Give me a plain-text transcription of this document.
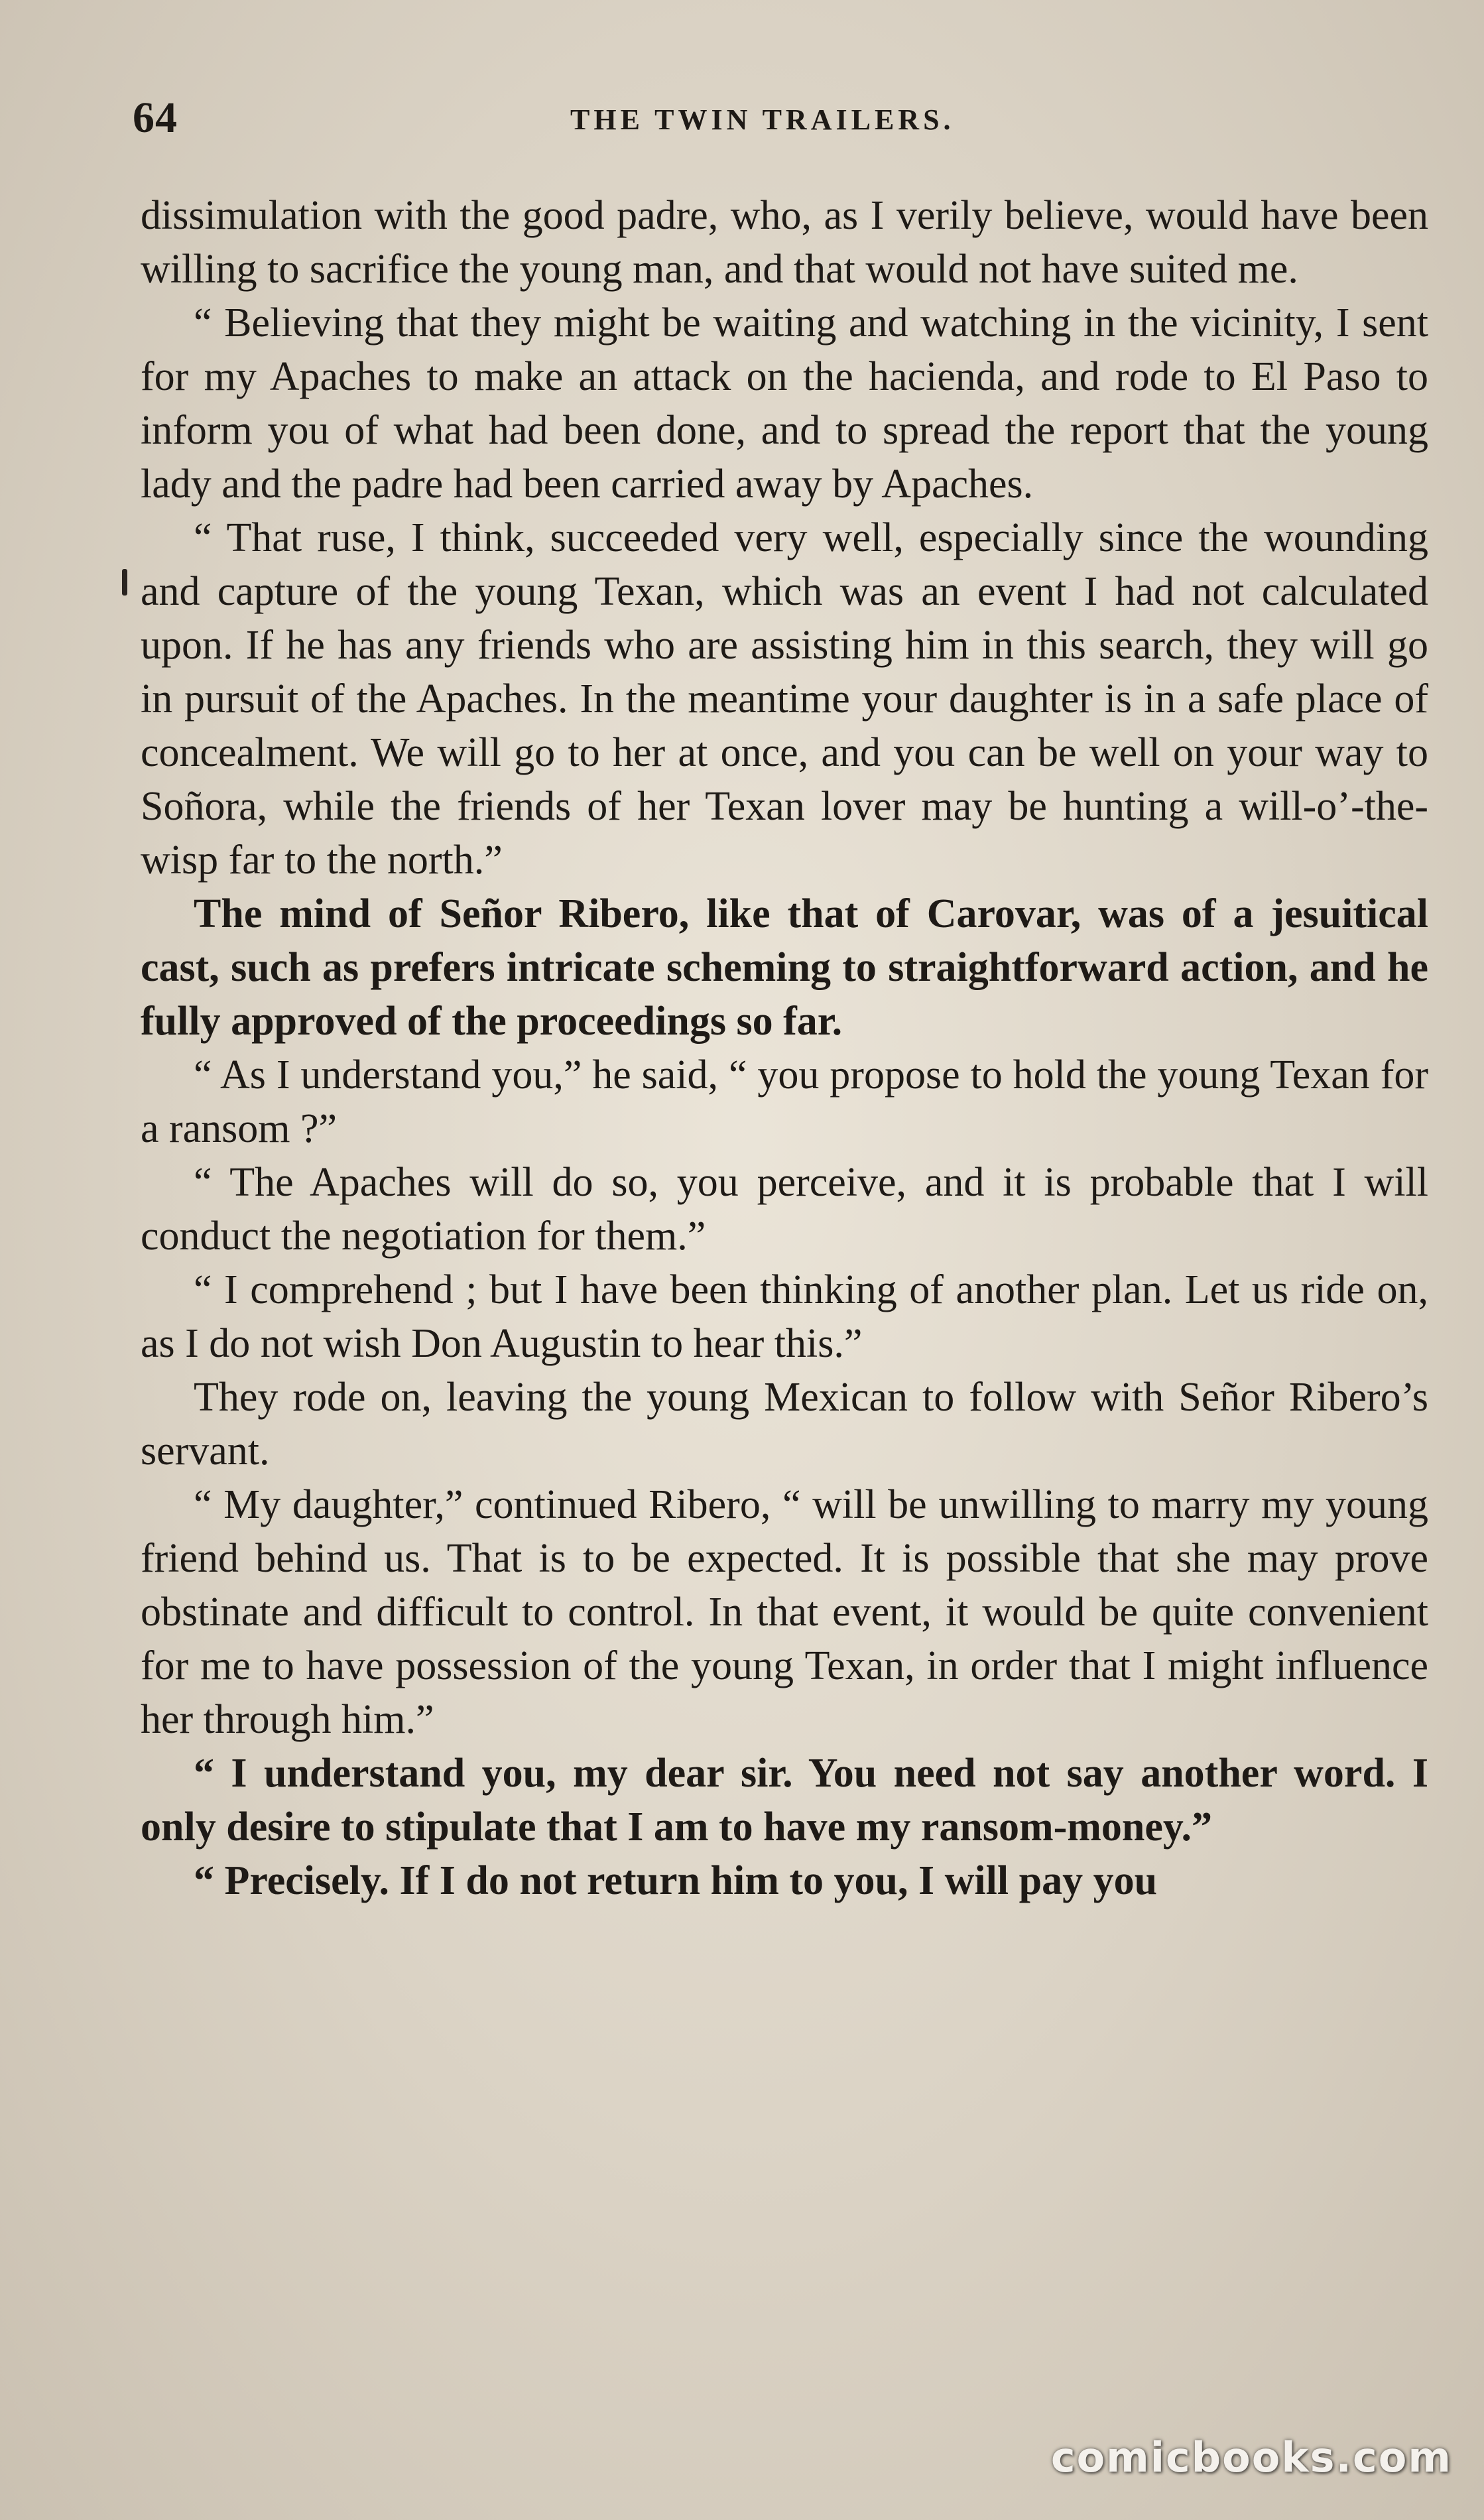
64	THE TWIN TRAILERS.

dissimulation with the good padre, who, as I verily believe, would have been willing to sacrifice the young man, and that would not have suited me.

“ Believing that they might be waiting and watching in the vicinity, I sent for my Apaches to make an attack on the hacienda, and rode to El Paso to inform you of what had been done, and to spread the report that the young lady and the padre had been carried away by Apaches.

“ That ruse, I think, succeeded very well, especially since the wounding and capture of the young Texan, which was an event I had not calculated upon. If he has any friends who are assisting him in this search, they will go in pursuit of the Apaches. In the meantime your daughter is in a safe place of concealment. We will go to her at once, and you can be well on your way to Soñora, while the friends of her Texan lover may be hunting a will-o’-the-wisp far to the north.”

The mind of Señor Ribero, like that of Carovar, was of a jesuitical cast, such as prefers intricate scheming to straightforward action, and he fully approved of the proceedings so far.

“ As I understand you,” he said, “ you propose to hold the young Texan for a ransom ?”

“ The Apaches will do so, you perceive, and it is probable that I will conduct the negotiation for them.”

“ I comprehend ; but I have been thinking of another plan. Let us ride on, as I do not wish Don Augustin to hear this.”

They rode on, leaving the young Mexican to follow with Señor Ribero’s servant.

“ My daughter,” continued Ribero, “ will be unwilling to marry my young friend behind us. That is to be expected. It is possible that she may prove obstinate and difficult to control. In that event, it would be quite convenient for me to have possession of the young Texan, in order that I might influence her through him.”

“ I understand you, my dear sir. You need not say another word. I only desire to stipulate that I am to have my ransom-money.”

“ Precisely. If I do not return him to you, I will pay you

comicbooks.com
